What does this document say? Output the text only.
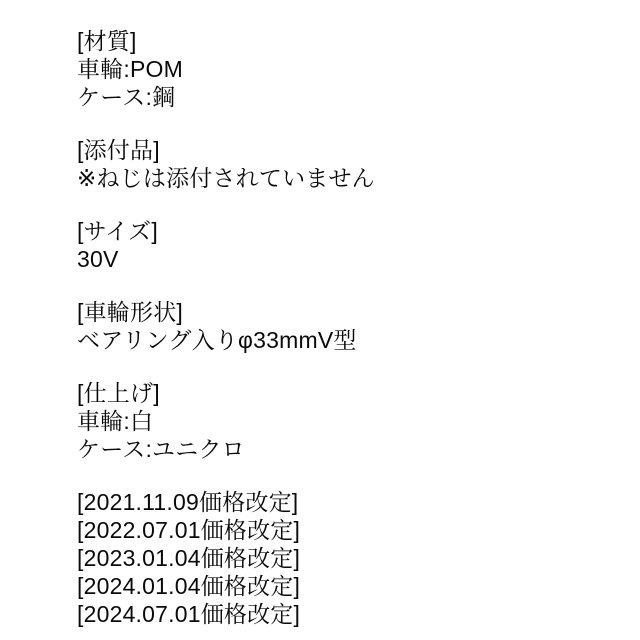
[材質]

車輪:POM

ケース:鋼

[添付品]

※ねじは添付されていません

[サイズ]

30V

[車輪形状]

ベアリング入りφ33mmV型

[仕上げ]

車輪:白

ケース:ユニクロ

[2021.11.09価格改定]

[2022.07.01価格改定]

[2023.01.04価格改定]

[2024.01.04価格改定]

[2024.07.01価格改定]
